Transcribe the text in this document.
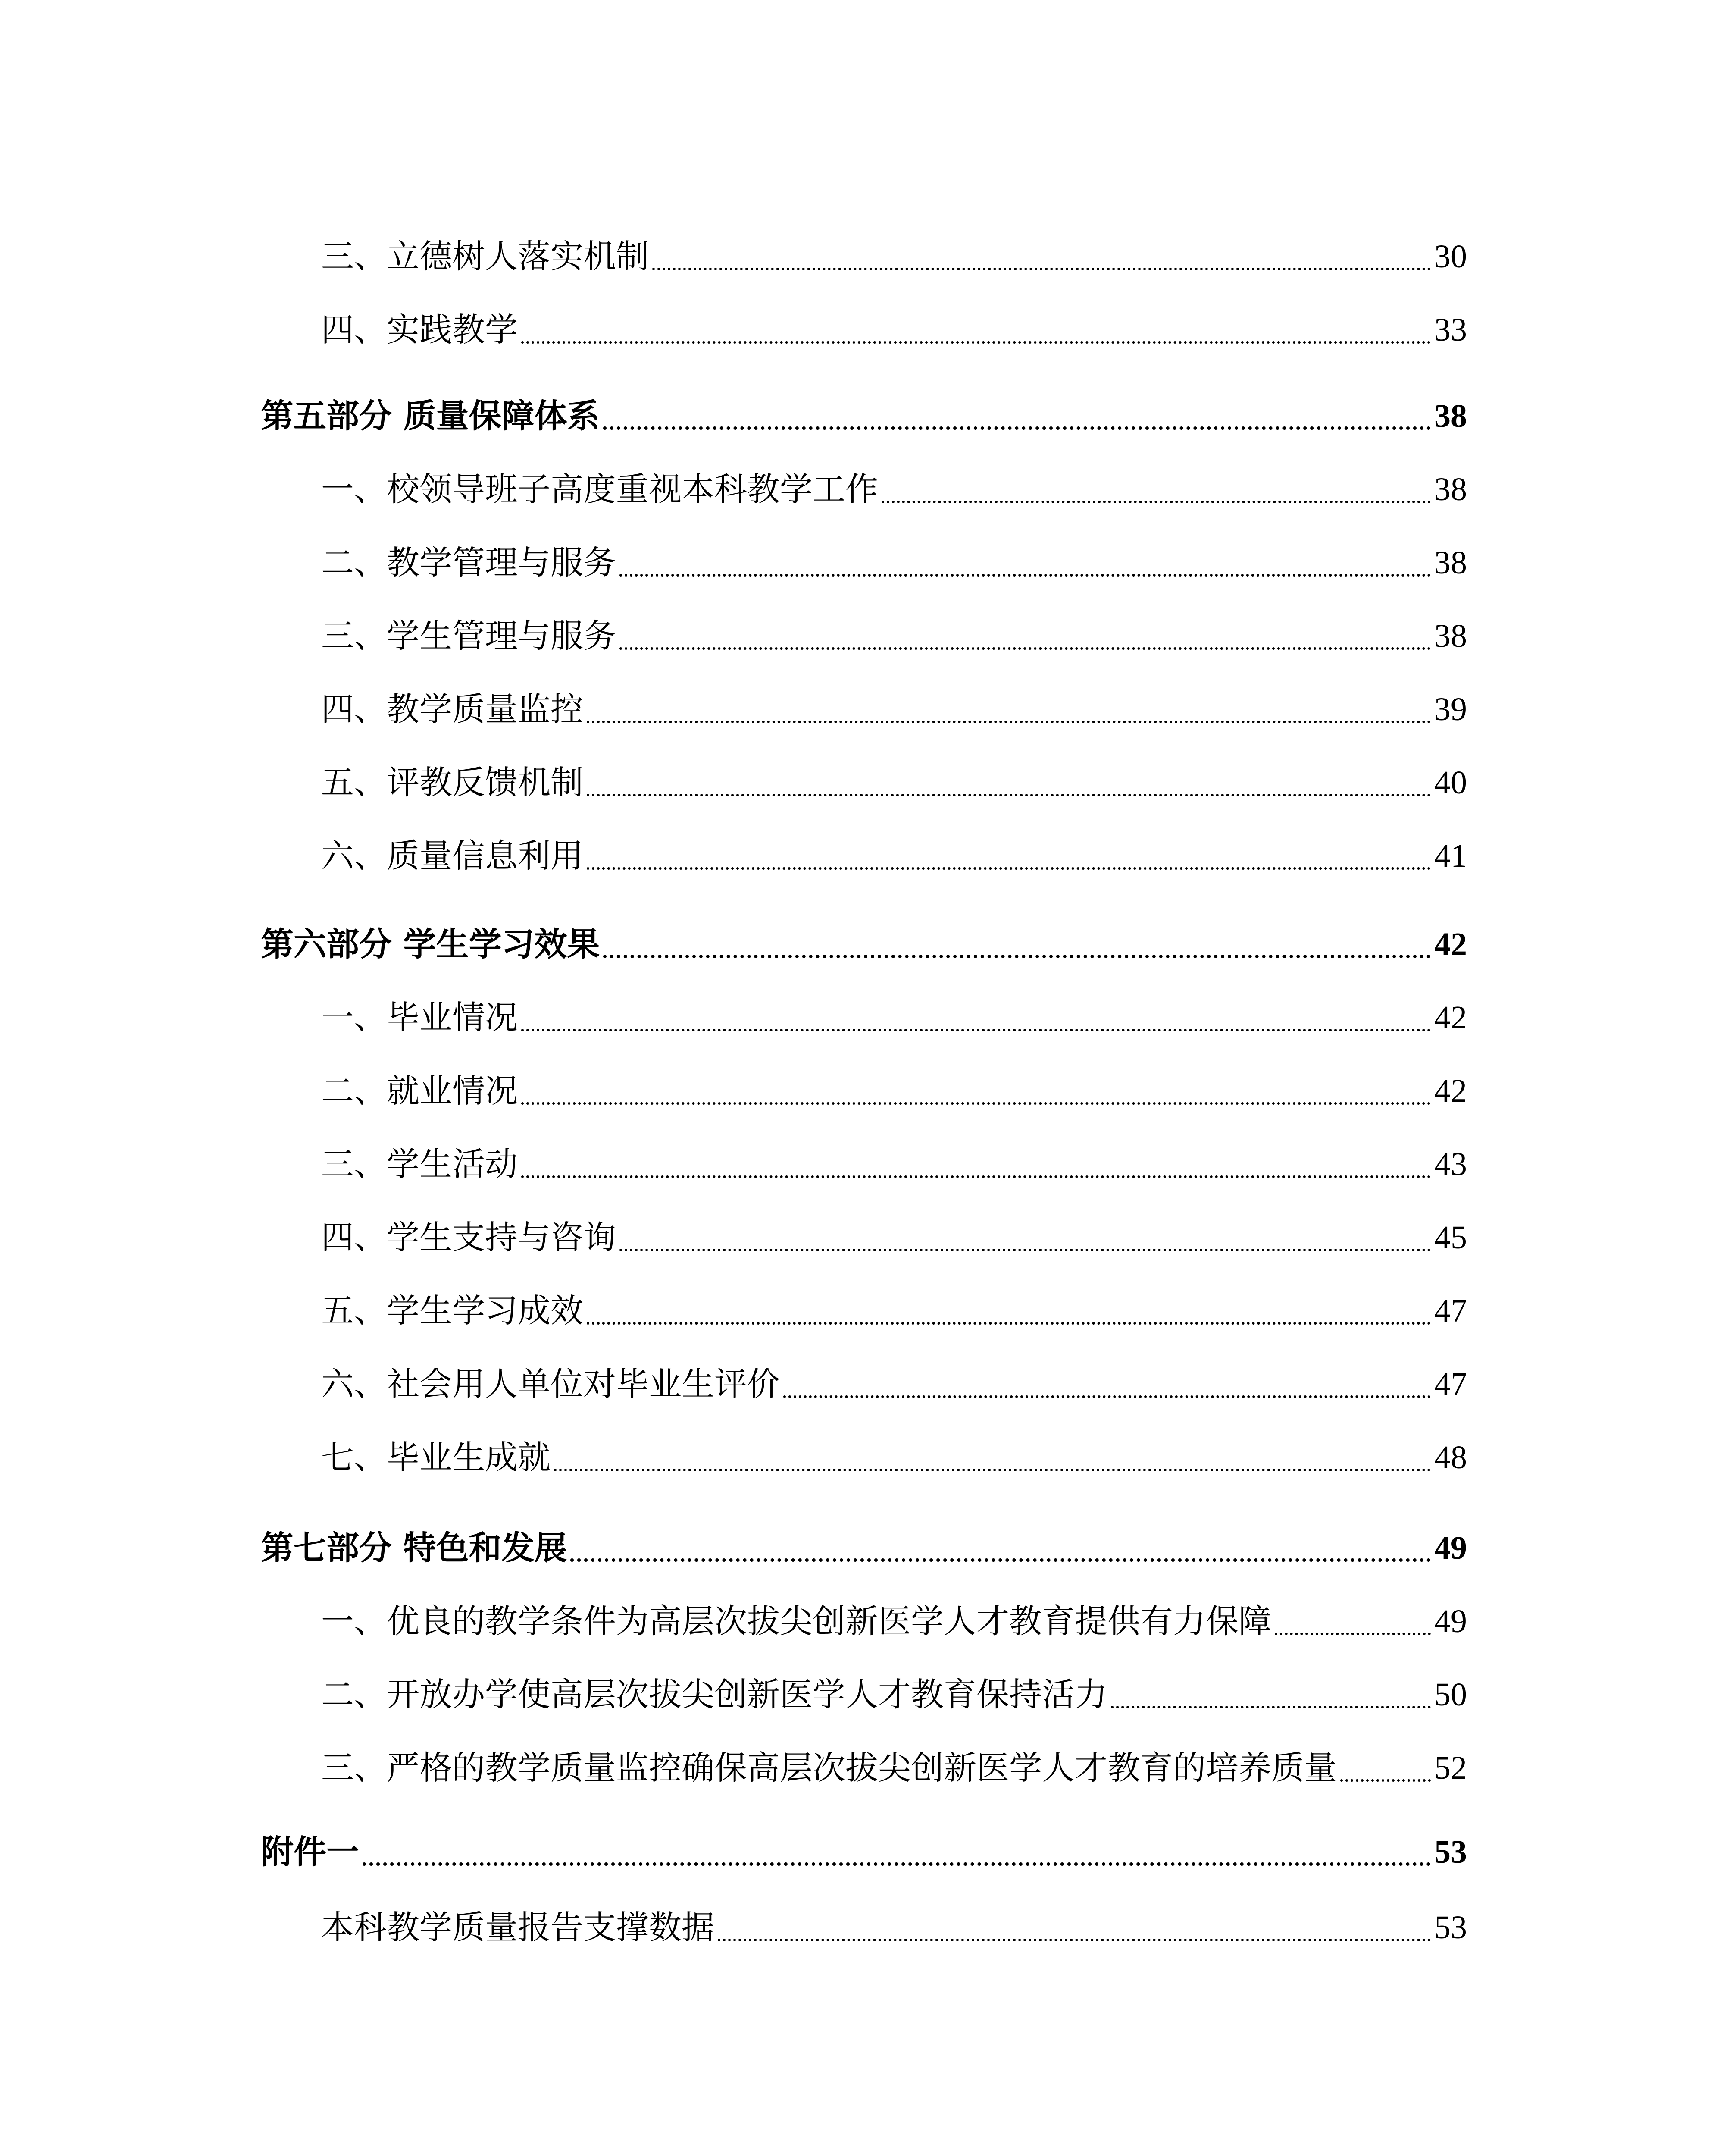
三、立德树人落实机制	30
四、实践教学	33
第五部分 质量保障体系	38
一、校领导班子高度重视本科教学工作	38
二、教学管理与服务	38
三、学生管理与服务	38
四、教学质量监控	39
五、评教反馈机制	40
六、质量信息利用	41
第六部分 学生学习效果	42
一、毕业情况	42
二、就业情况	42
三、学生活动	43
四、学生支持与咨询	45
五、学生学习成效	47
六、社会用人单位对毕业生评价	47
七、毕业生成就	48
第七部分 特色和发展	49
一、优良的教学条件为高层次拔尖创新医学人才教育提供有力保障	49
二、开放办学使高层次拔尖创新医学人才教育保持活力	50
三、严格的教学质量监控确保高层次拔尖创新医学人才教育的培养质量	52
附件一	53
本科教学质量报告支撑数据	53
